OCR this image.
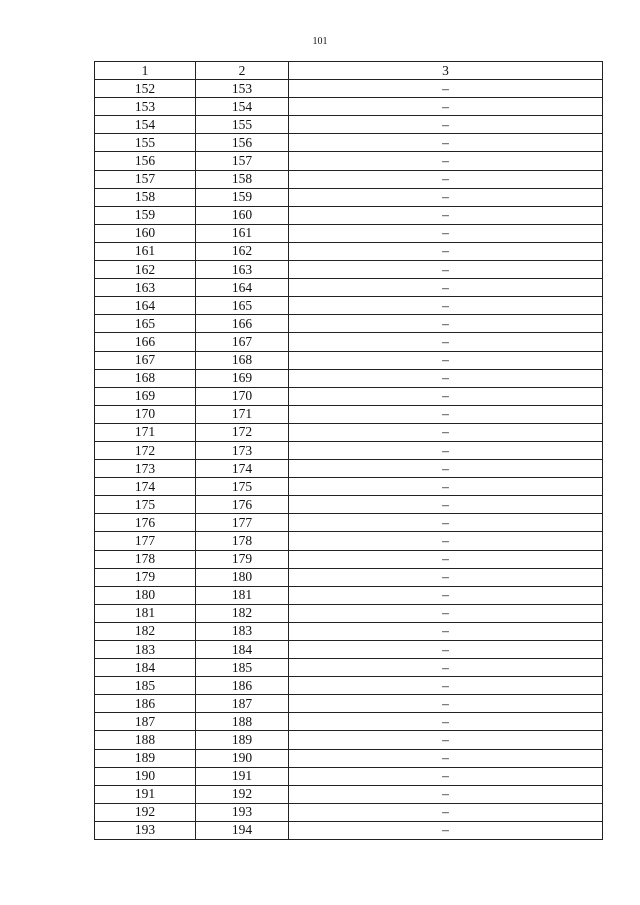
101
1	2	3
152	153	–
153	154	–
154	155	–
155	156	–
156	157	–
157	158	–
158	159	–
159	160	–
160	161	–
161	162	–
162	163	–
163	164	–
164	165	–
165	166	–
166	167	–
167	168	–
168	169	–
169	170	–
170	171	–
171	172	–
172	173	–
173	174	–
174	175	–
175	176	–
176	177	–
177	178	–
178	179	–
179	180	–
180	181	–
181	182	–
182	183	–
183	184	–
184	185	–
185	186	–
186	187	–
187	188	–
188	189	–
189	190	–
190	191	–
191	192	–
192	193	–
193	194	–
